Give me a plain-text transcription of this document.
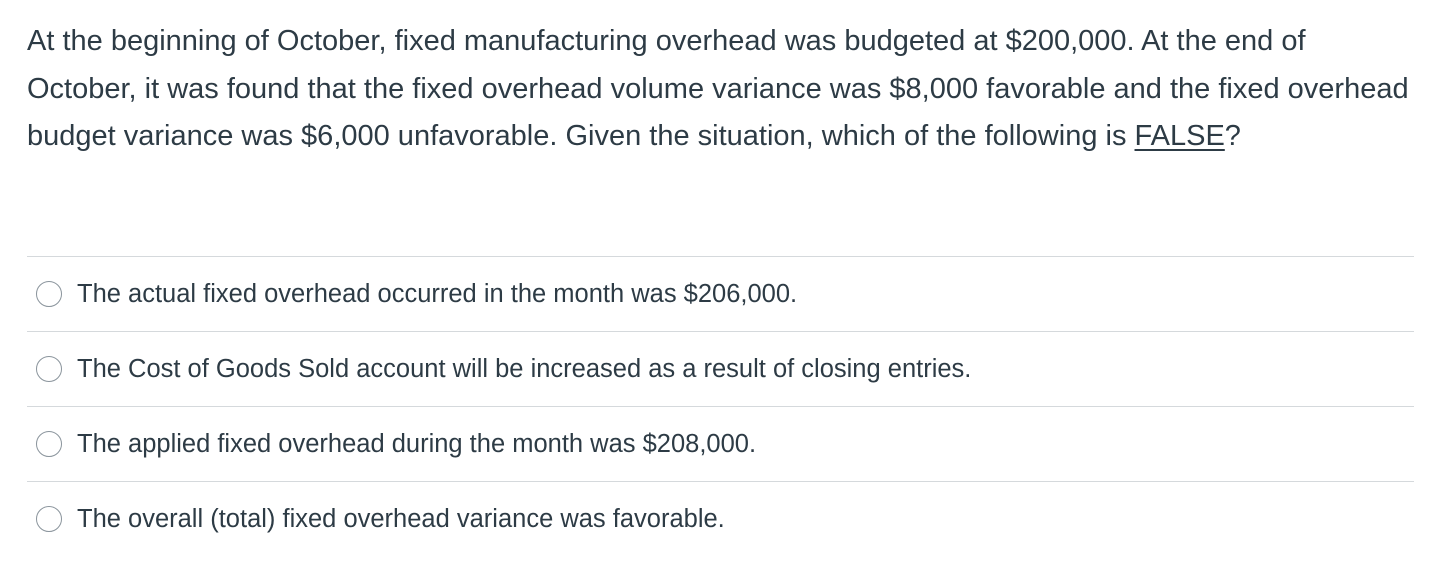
At the beginning of October, fixed manufacturing overhead was budgeted at $200,000. At the end of October, it was found that the fixed overhead volume variance was $8,000 favorable and the fixed overhead budget variance was $6,000 unfavorable. Given the situation, which of the following is FALSE?
The actual fixed overhead occurred in the month was $206,000.
The Cost of Goods Sold account will be increased as a result of closing entries.
The applied fixed overhead during the month was $208,000.
The overall (total) fixed overhead variance was favorable.
